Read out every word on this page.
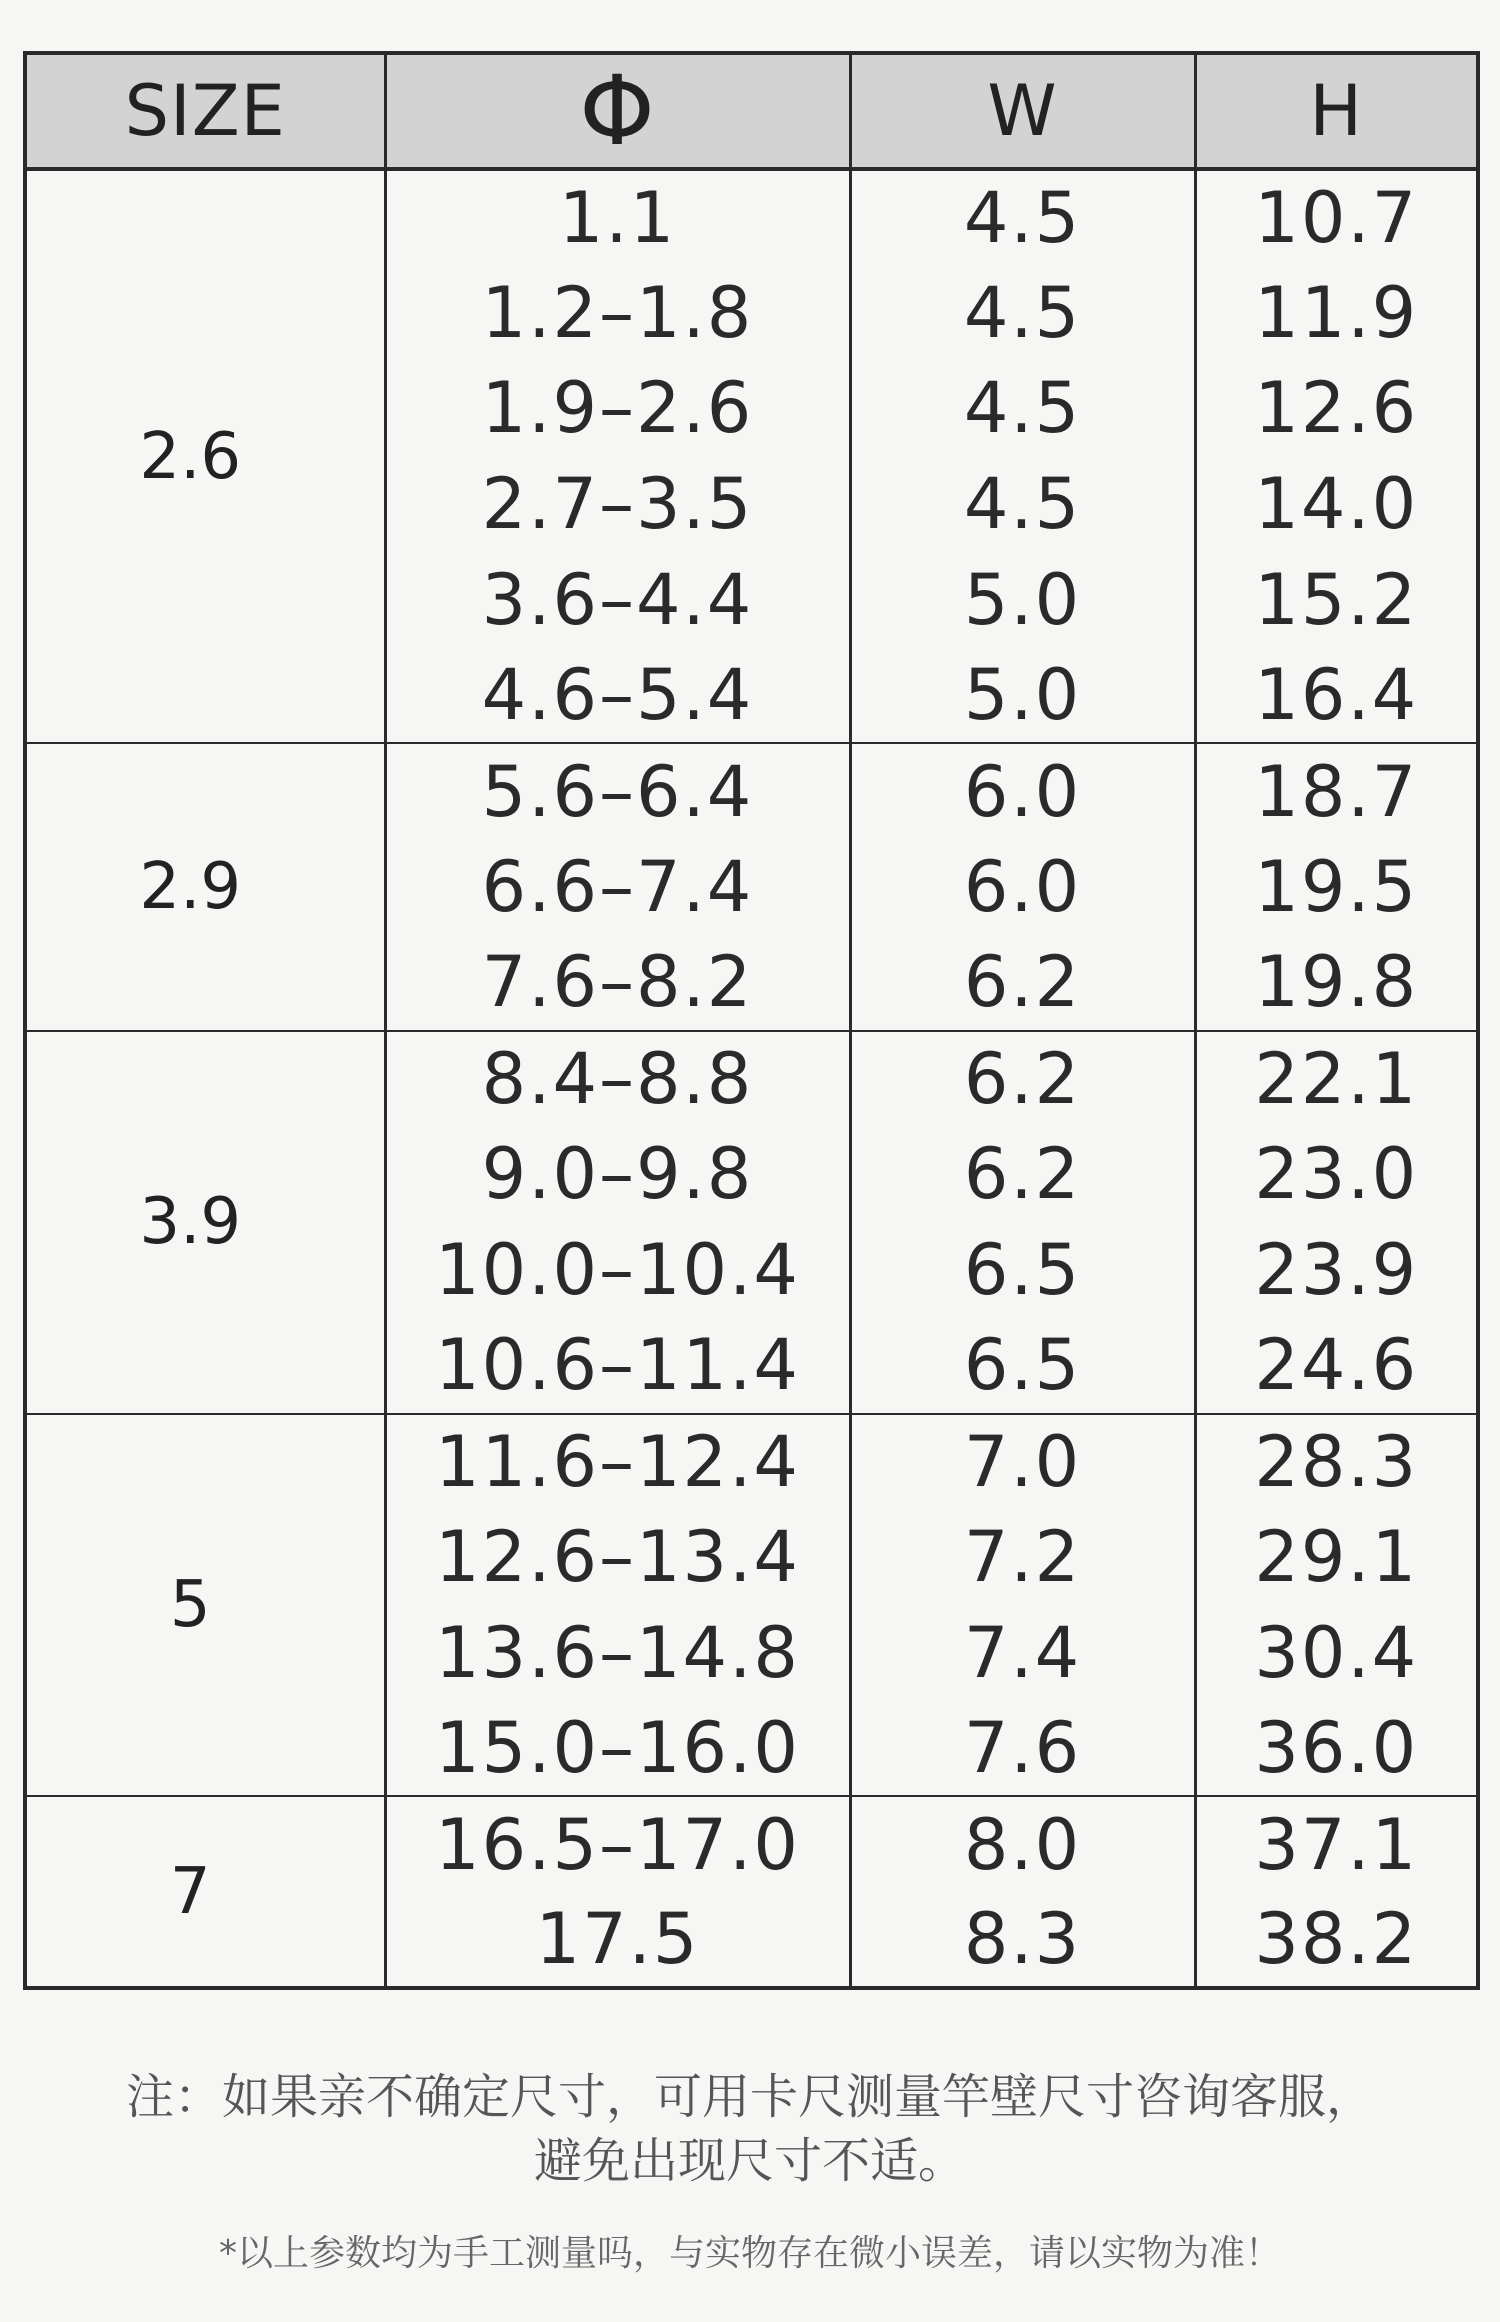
SIZE	Φ	W	H
2.6	1.1	4.5	10.7
	1.2–1.8	4.5	11.9
	1.9–2.6	4.5	12.6
	2.7–3.5	4.5	14.0
	3.6–4.4	5.0	15.2
	4.6–5.4	5.0	16.4
2.9	5.6–6.4	6.0	18.7
	6.6–7.4	6.0	19.5
	7.6–8.2	6.2	19.8
3.9	8.4–8.8	6.2	22.1
	9.0–9.8	6.2	23.0
	10.0–10.4	6.5	23.9
	10.6–11.4	6.5	24.6
5	11.6–12.4	7.0	28.3
	12.6–13.4	7.2	29.1
	13.6–14.8	7.4	30.4
	15.0–16.0	7.6	36.0
7	16.5–17.0	8.0	37.1
	17.5	8.3	38.2
注：如果亲不确定尺寸，可用卡尺测量竿壁尺寸咨询客服，
避免出现尺寸不适。
*以上参数均为手工测量吗，与实物存在微小误差，请以实物为准！
